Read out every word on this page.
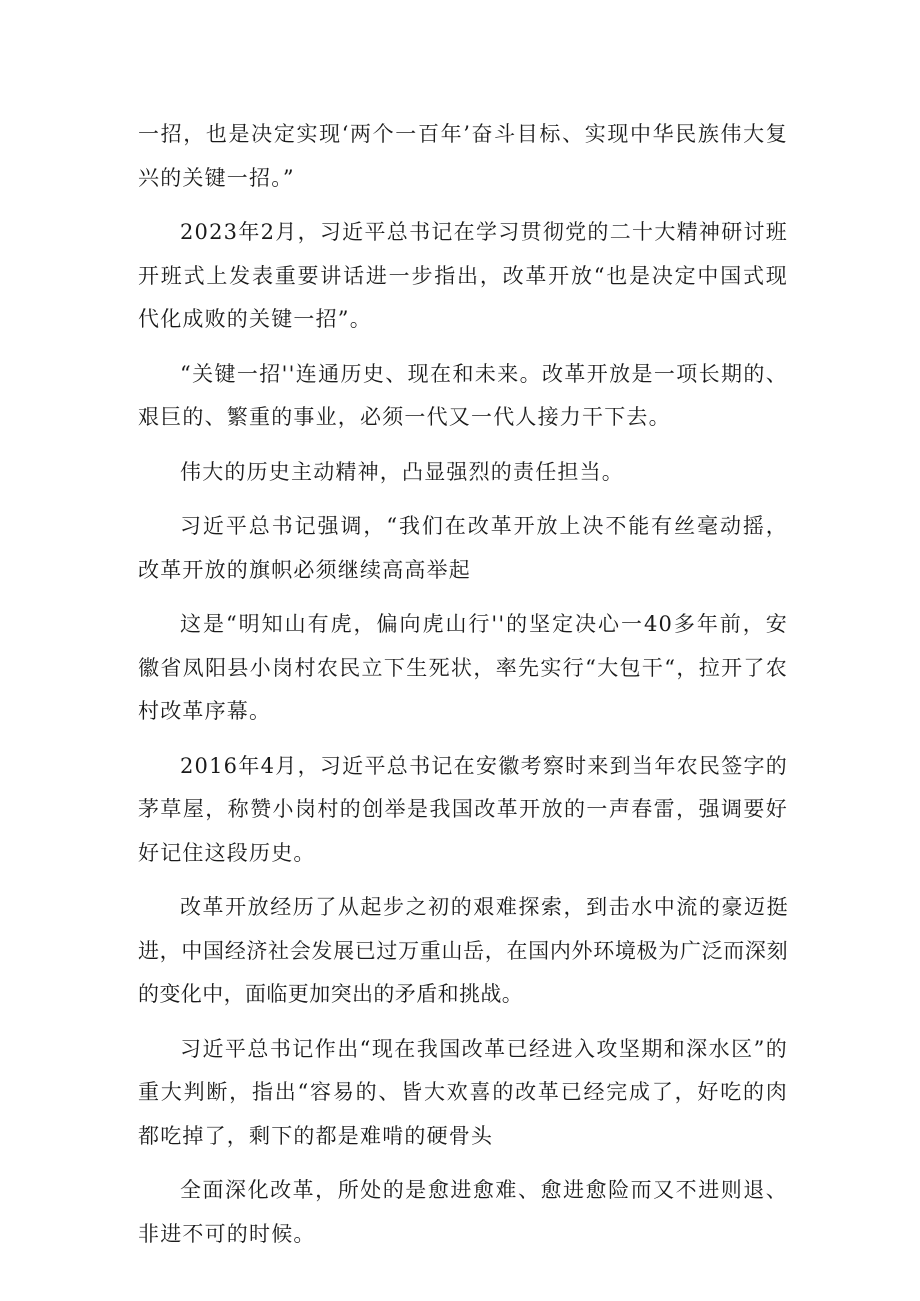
一招，也是决定实现‘两个一百年’奋斗目标、实现中华民族伟大复兴的关键一招。”

2023年2月，习近平总书记在学习贯彻党的二十大精神研讨班开班式上发表重要讲话进一步指出，改革开放“也是决定中国式现代化成败的关键一招”。

“关键一招''连通历史、现在和未来。改革开放是一项长期的、艰巨的、繁重的事业，必须一代又一代人接力干下去。

伟大的历史主动精神，凸显强烈的责任担当。

习近平总书记强调，“我们在改革开放上决不能有丝毫动摇，改革开放的旗帜必须继续高高举起

这是“明知山有虎，偏向虎山行''的坚定决心一40多年前，安徽省凤阳县小岗村农民立下生死状，率先实行“大包干“，拉开了农村改革序幕。

2016年4月，习近平总书记在安徽考察时来到当年农民签字的茅草屋，称赞小岗村的创举是我国改革开放的一声春雷，强调要好好记住这段历史。

改革开放经历了从起步之初的艰难探索，到击水中流的豪迈挺进，中国经济社会发展已过万重山岳，在国内外环境极为广泛而深刻的变化中，面临更加突出的矛盾和挑战。

习近平总书记作出“现在我国改革已经进入攻坚期和深水区”的重大判断，指出“容易的、皆大欢喜的改革已经完成了，好吃的肉都吃掉了，剩下的都是难啃的硬骨头

全面深化改革，所处的是愈进愈难、愈进愈险而又不进则退、非进不可的时候。
